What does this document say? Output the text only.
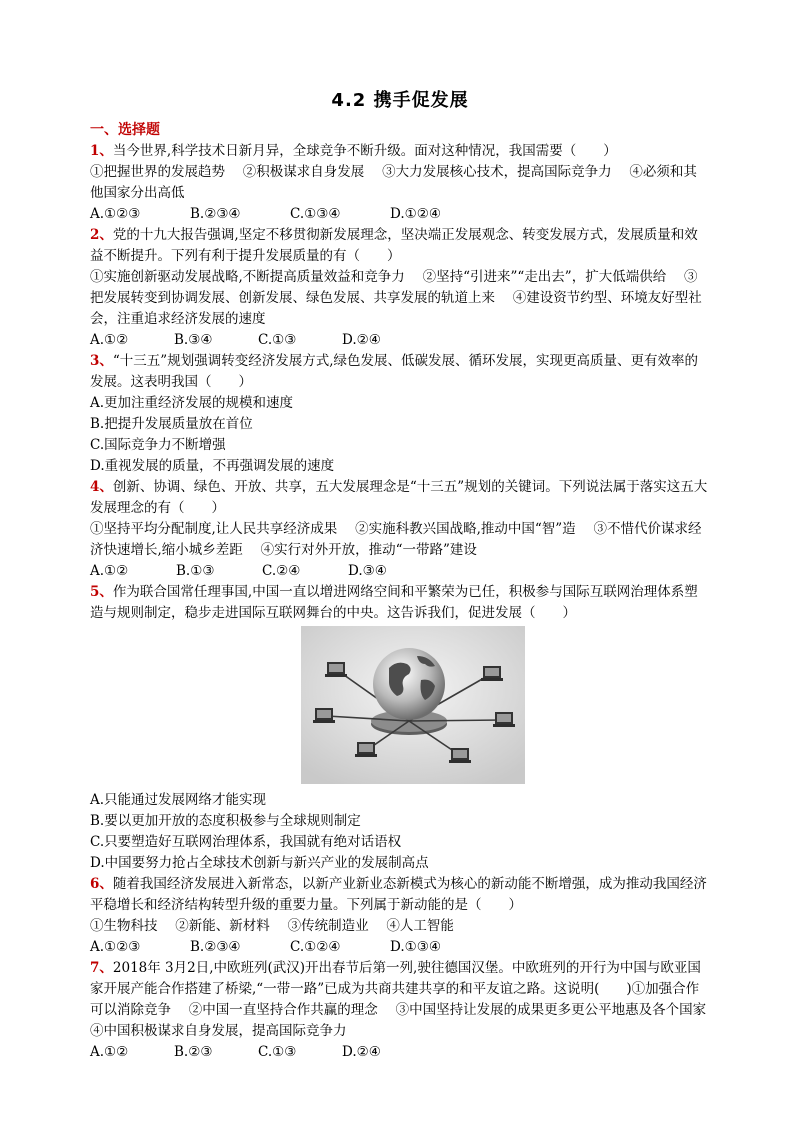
4.2 携手促发展
一、选择题

1、当今世界,科学技术日新月异，全球竞争不断升级。面对这种情况，我国需要（　　）

①把握世界的发展趋势　 ②积极谋求自身发展　 ③大力发展核心技术，提高国际竞争力　 ④必须和其他国家分出高低

A.①②③	B.②③④	C.①③④	D.①②④

2、党的十九大报告强调,坚定不移贯彻新发展理念，坚决端正发展观念、转变发展方式，发展质量和效益不断提升。下列有利于提升发展质量的有（　　）

①实施创新驱动发展战略,不断提高质量效益和竞争力　 ②坚持“引进来”“走出去”，扩大低端供给　 ③把发展转变到协调发展、创新发展、绿色发展、共享发展的轨道上来　 ④建设资节约型、环境友好型社会，注重追求经济发展的速度

A.①②	B.③④	C.①③	D.②④

3、“十三五”规划强调转变经济发展方式,绿色发展、低碳发展、循环发展，实现更高质量、更有效率的发展。这表明我国（　　）

A.更加注重经济发展的规模和速度
B.把提升发展质量放在首位
C.国际竞争力不断增强
D.重视发展的质量，不再强调发展的速度

4、创新、协调、绿色、开放、共享，五大发展理念是“十三五”规划的关键词。下列说法属于落实这五大发展理念的有（　　）

①坚持平均分配制度,让人民共享经济成果　 ②实施科教兴国战略,推动中国“智”造　 ③不惜代价谋求经济快速增长,缩小城乡差距　 ④实行对外开放，推动“一带路”建设

A.①②	B.①③	C.②④	D.③④

5、作为联合国常任理事国,中国一直以增进网络空间和平繁荣为已任，积极参与国际互联网治理体系塑造与规则制定，稳步走进国际互联网舞台的中央。这告诉我们，促进发展（　　）

A.只能通过发展网络才能实现
B.要以更加开放的态度积极参与全球规则制定
C.只要塑造好互联网治理体系，我国就有绝对话语权
D.中国要努力抢占全球技术创新与新兴产业的发展制高点

6、随着我国经济发展进入新常态，以新产业新业态新模式为核心的新动能不断增强，成为推动我国经济平稳增长和经济结构转型升级的重要力量。下列属于新动能的是（　　）

①生物科技　 ②新能、新材料　 ③传统制造业　 ④人工智能

A.①②③	B.②③④	C.①②④	D.①③④

7、2018年 3月2日,中欧班列(武汉)开出春节后第一列,驶往德国汉堡。中欧班列的开行为中国与欧亚国家开展产能合作搭建了桥梁,“一带一路”已成为共商共建共享的和平友谊之路。这说明(　　)①加强合作可以消除竞争　 ②中国一直坚持合作共赢的理念　 ③中国坚持让发展的成果更多更公平地惠及各个国家　 ④中国积极谋求自身发展，提高国际竞争力

A.①②	B.②③	C.①③	D.②④
